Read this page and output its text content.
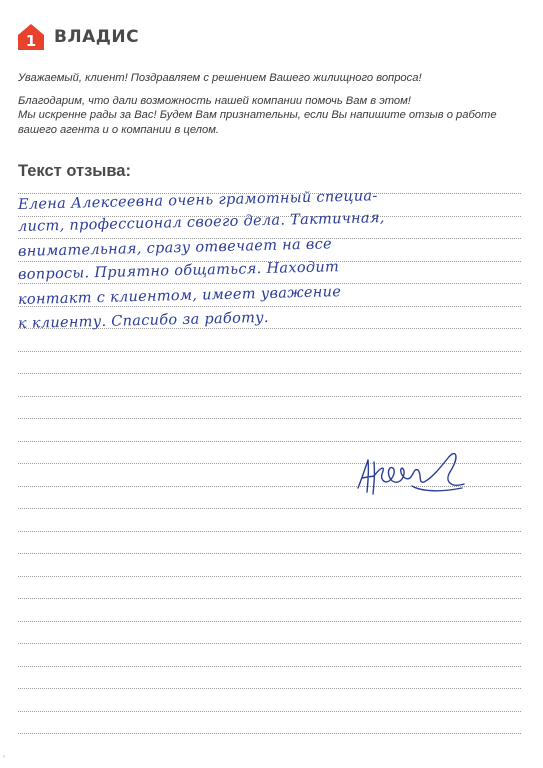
1 ВЛАДИС

Уважаемый, клиент! Поздравляем с решением Вашего жилищного вопроса!

Благодарим, что дали возможность нашей компании помочь Вам в этом!

Мы искренне рады за Вас! Будем Вам признательны, если Вы напишите отзыв о работе

вашего агента и о компании в целом.

Текст отзыва:
Елена Алексеевна очень грамотный специа-
лист, профессионал своего дела. Тактичная,
внимательная, сразу отвечает на все
вопросы. Приятно общаться. Находит
контакт с клиентом, имеет уважение
к клиенту. Спасибо за работу.
ᵛ
